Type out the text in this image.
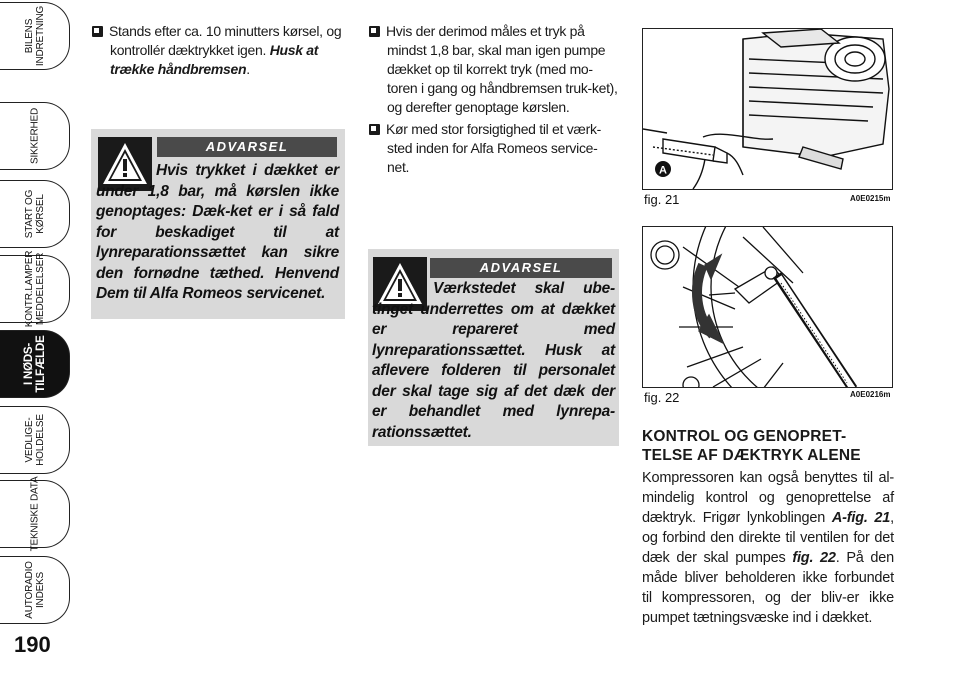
BILENS
INDRETNING
SIKKERHED
START OG
KØRSEL
KONTR.LAMPER
MEDDELELSER
I NØDS-
TILFÆLDE
VEDLIGE-
HOLDELSE
TEKNISKE DATA
AUTORADIO
INDEKS
190

Stands efter ca. 10 minutters kørsel, og kontrollér dæktrykket igen. Husk at trække håndbremsen.

ADVARSEL
Hvis trykket i dækket er under 1,8 bar, må kørslen ikke genoptages: Dæk-ket er i så fald for beskadiget til at lynreparationssættet kan sikre den fornødne tæthed. Henvend Dem til Alfa Romeos servicenet.

Hvis der derimod måles et tryk på mindst 1,8 bar, skal man igen pumpe dækket op til korrekt tryk (med mo-toren i gang og håndbremsen truk-ket), og derefter genoptage kørslen.

Kør med stor forsigtighed til et værk-sted inden for Alfa Romeos service-net.

ADVARSEL
Værkstedet skal ube-tinget underrettes om at dækket er repareret med lynreparationssættet. Husk at aflevere folderen til personalet der skal tage sig af det dæk der er behandlet med lynrepa-rationssættet.
A
fig. 21	A0E0215m
fig. 22	A0E0216m
KONTROL OG GENOPRET-TELSE AF DÆKTRYK ALENE
Kompressoren kan også benyttes til al-mindelig kontrol og genoprettelse af dæktryk. Frigør lynkoblingen A-fig. 21, og forbind den direkte til ventilen for det dæk der skal pumpes fig. 22. På den måde bliver beholderen ikke forbundet til kompressoren, og der bliv-er ikke pumpet tætningsvæske ind i dækket.
